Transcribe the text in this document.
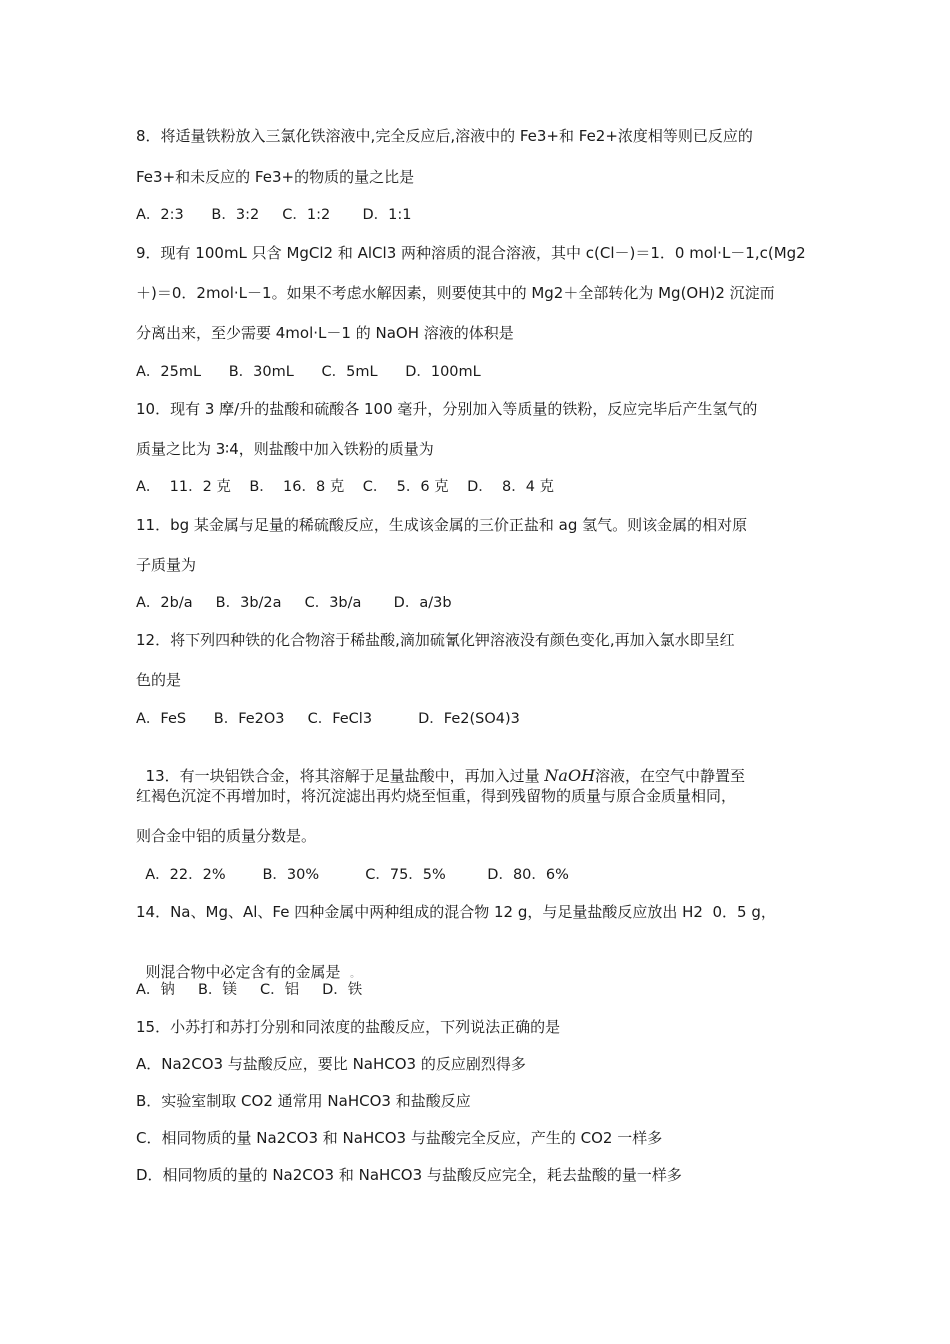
8．将适量铁粉放入三氯化铁溶液中,完全反应后,溶液中的 Fe3+和 Fe2+浓度相等则已反应的
Fe3+和未反应的 Fe3+的物质的量之比是
A．2:3      B．3:2     C．1:2       D．1:1
9．现有 100mL 只含 MgCl2 和 AlCl3 两种溶质的混合溶液，其中 c(Cl－)＝1．0 mol·L－1,c(Mg2
＋)＝0．2mol·L－1。如果不考虑水解因素，则要使其中的 Mg2＋全部转化为 Mg(OH)2 沉淀而
分离出来，至少需要 4mol·L－1 的 NaOH 溶液的体积是
A．25mL      B．30mL      C．5mL      D．100mL
10．现有 3 摩/升的盐酸和硫酸各 100 毫升，分别加入等质量的铁粉，反应完毕后产生氢气的
质量之比为 3∶4，则盐酸中加入铁粉的质量为
A．  11．2 克    B．  16．8 克    C．  5．6 克    D．  8．4 克
11．bg 某金属与足量的稀硫酸反应，生成该金属的三价正盐和 ag 氢气。则该金属的相对原
子质量为
A．2b/a     B．3b/2a     C．3b/a       D．a/3b
12．将下列四种铁的化合物溶于稀盐酸,滴加硫氰化钾溶液没有颜色变化,再加入氯水即呈红
色的是
A．FeS      B．Fe2O3     C．FeCl3          D．Fe2(SO4)3

13．有一块铝铁合金，将其溶解于足量盐酸中，再加入过量 NaOH溶液，在空气中静置至

红褐色沉淀不再增加时，将沉淀滤出再灼烧至恒重，得到残留物的质量与原合金质量相同，
则合金中铝的质量分数是。
A．22．2%        B．30%          C．75．5%         D．80．6%
14．Na、Mg、Al、Fe 四种金属中两种组成的混合物 12 g，与足量盐酸反应放出 H2  0．5 g，

则混合物中必定含有的金属是  。

A．钠     B．镁     C．铝     D．铁
15．小苏打和苏打分别和同浓度的盐酸反应，下列说法正确的是
A．Na2CO3 与盐酸反应，要比 NaHCO3 的反应剧烈得多
B．实验室制取 CO2 通常用 NaHCO3 和盐酸反应
C．相同物质的量 Na2CO3 和 NaHCO3 与盐酸完全反应，产生的 CO2 一样多
D．相同物质的量的 Na2CO3 和 NaHCO3 与盐酸反应完全，耗去盐酸的量一样多
